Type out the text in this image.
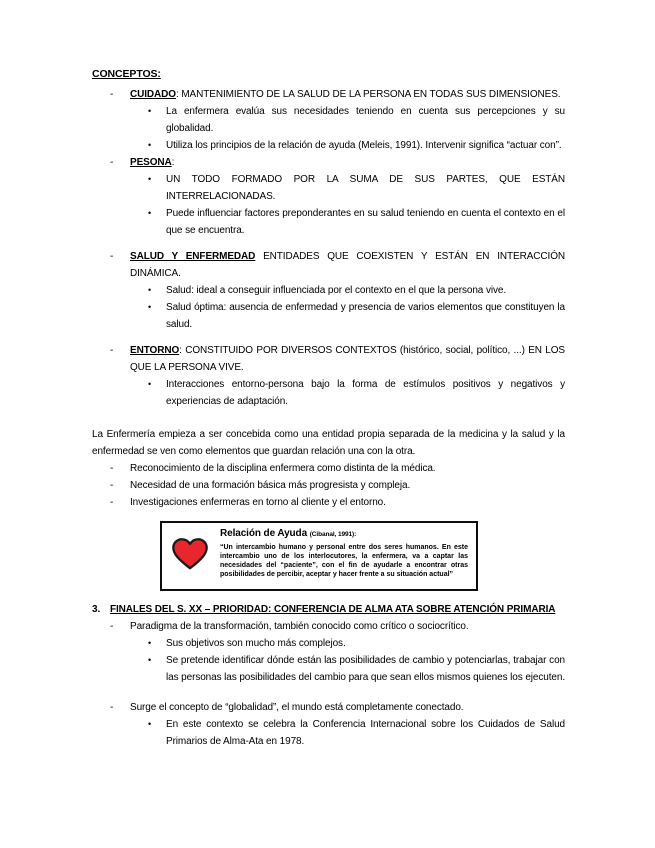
CONCEPTOS:
-	CUIDADO: MANTENIMIENTO DE LA SALUD DE LA PERSONA EN TODAS SUS DIMENSIONES.
•	La enfermera evalúa sus necesidades teniendo en cuenta sus percepciones y su globalidad.
•	Utiliza los principios de la relación de ayuda (Meleis, 1991). Intervenir significa “actuar con”.
-	PESONA:
•	UN TODO FORMADO POR LA SUMA DE SUS PARTES, QUE ESTÁN INTERRELACIONADAS.
•	Puede influenciar factores preponderantes en su salud teniendo en cuenta el contexto en el que se encuentra.
-	SALUD Y ENFERMEDAD ENTIDADES QUE COEXISTEN Y ESTÁN EN INTERACCIÓN DINÁMICA.
•	Salud: ideal a conseguir influenciada por el contexto en el que la persona vive.
•	Salud óptima: ausencia de enfermedad y presencia de varios elementos que constituyen la salud.
-	ENTORNO: CONSTITUIDO POR DIVERSOS CONTEXTOS (histórico, social, político, ...) EN LOS QUE LA PERSONA VIVE.
•	Interacciones entorno-persona bajo la forma de estímulos positivos y negativos y experiencias de adaptación.
La Enfermería empieza a ser concebida como una entidad propia separada de la medicina y la salud y la enfermedad se ven como elementos que guardan relación una con la otra.
-	Reconocimiento de la disciplina enfermera como distinta de la médica.
-	Necesidad de una formación básica más progresista y compleja.
-	Investigaciones enfermeras en torno al cliente y el entorno.
Relación de Ayuda (Cibanal, 1991):
“Un intercambio humano y personal entre dos seres humanos. En este intercambio uno de los interlocutores, la enfermera, va a captar las necesidades del “paciente”, con el fin de ayudarle a encontrar otras posibilidades de percibir, aceptar y hacer frente a su situación actual”
3. FINALES DEL S. XX – PRIORIDAD: CONFERENCIA DE ALMA ATA SOBRE ATENCIÓN PRIMARIA
-	Paradigma de la transformación, también conocido como crítico o sociocrítico.
•	Sus objetivos son mucho más complejos.
•	Se pretende identificar dónde están las posibilidades de cambio y potenciarlas, trabajar con las personas las posibilidades del cambio para que sean ellos mismos quienes los ejecuten.
-	Surge el concepto de “globalidad”, el mundo está completamente conectado.
•	En este contexto se celebra la Conferencia Internacional sobre los Cuidados de Salud Primarios de Alma-Ata en 1978.
